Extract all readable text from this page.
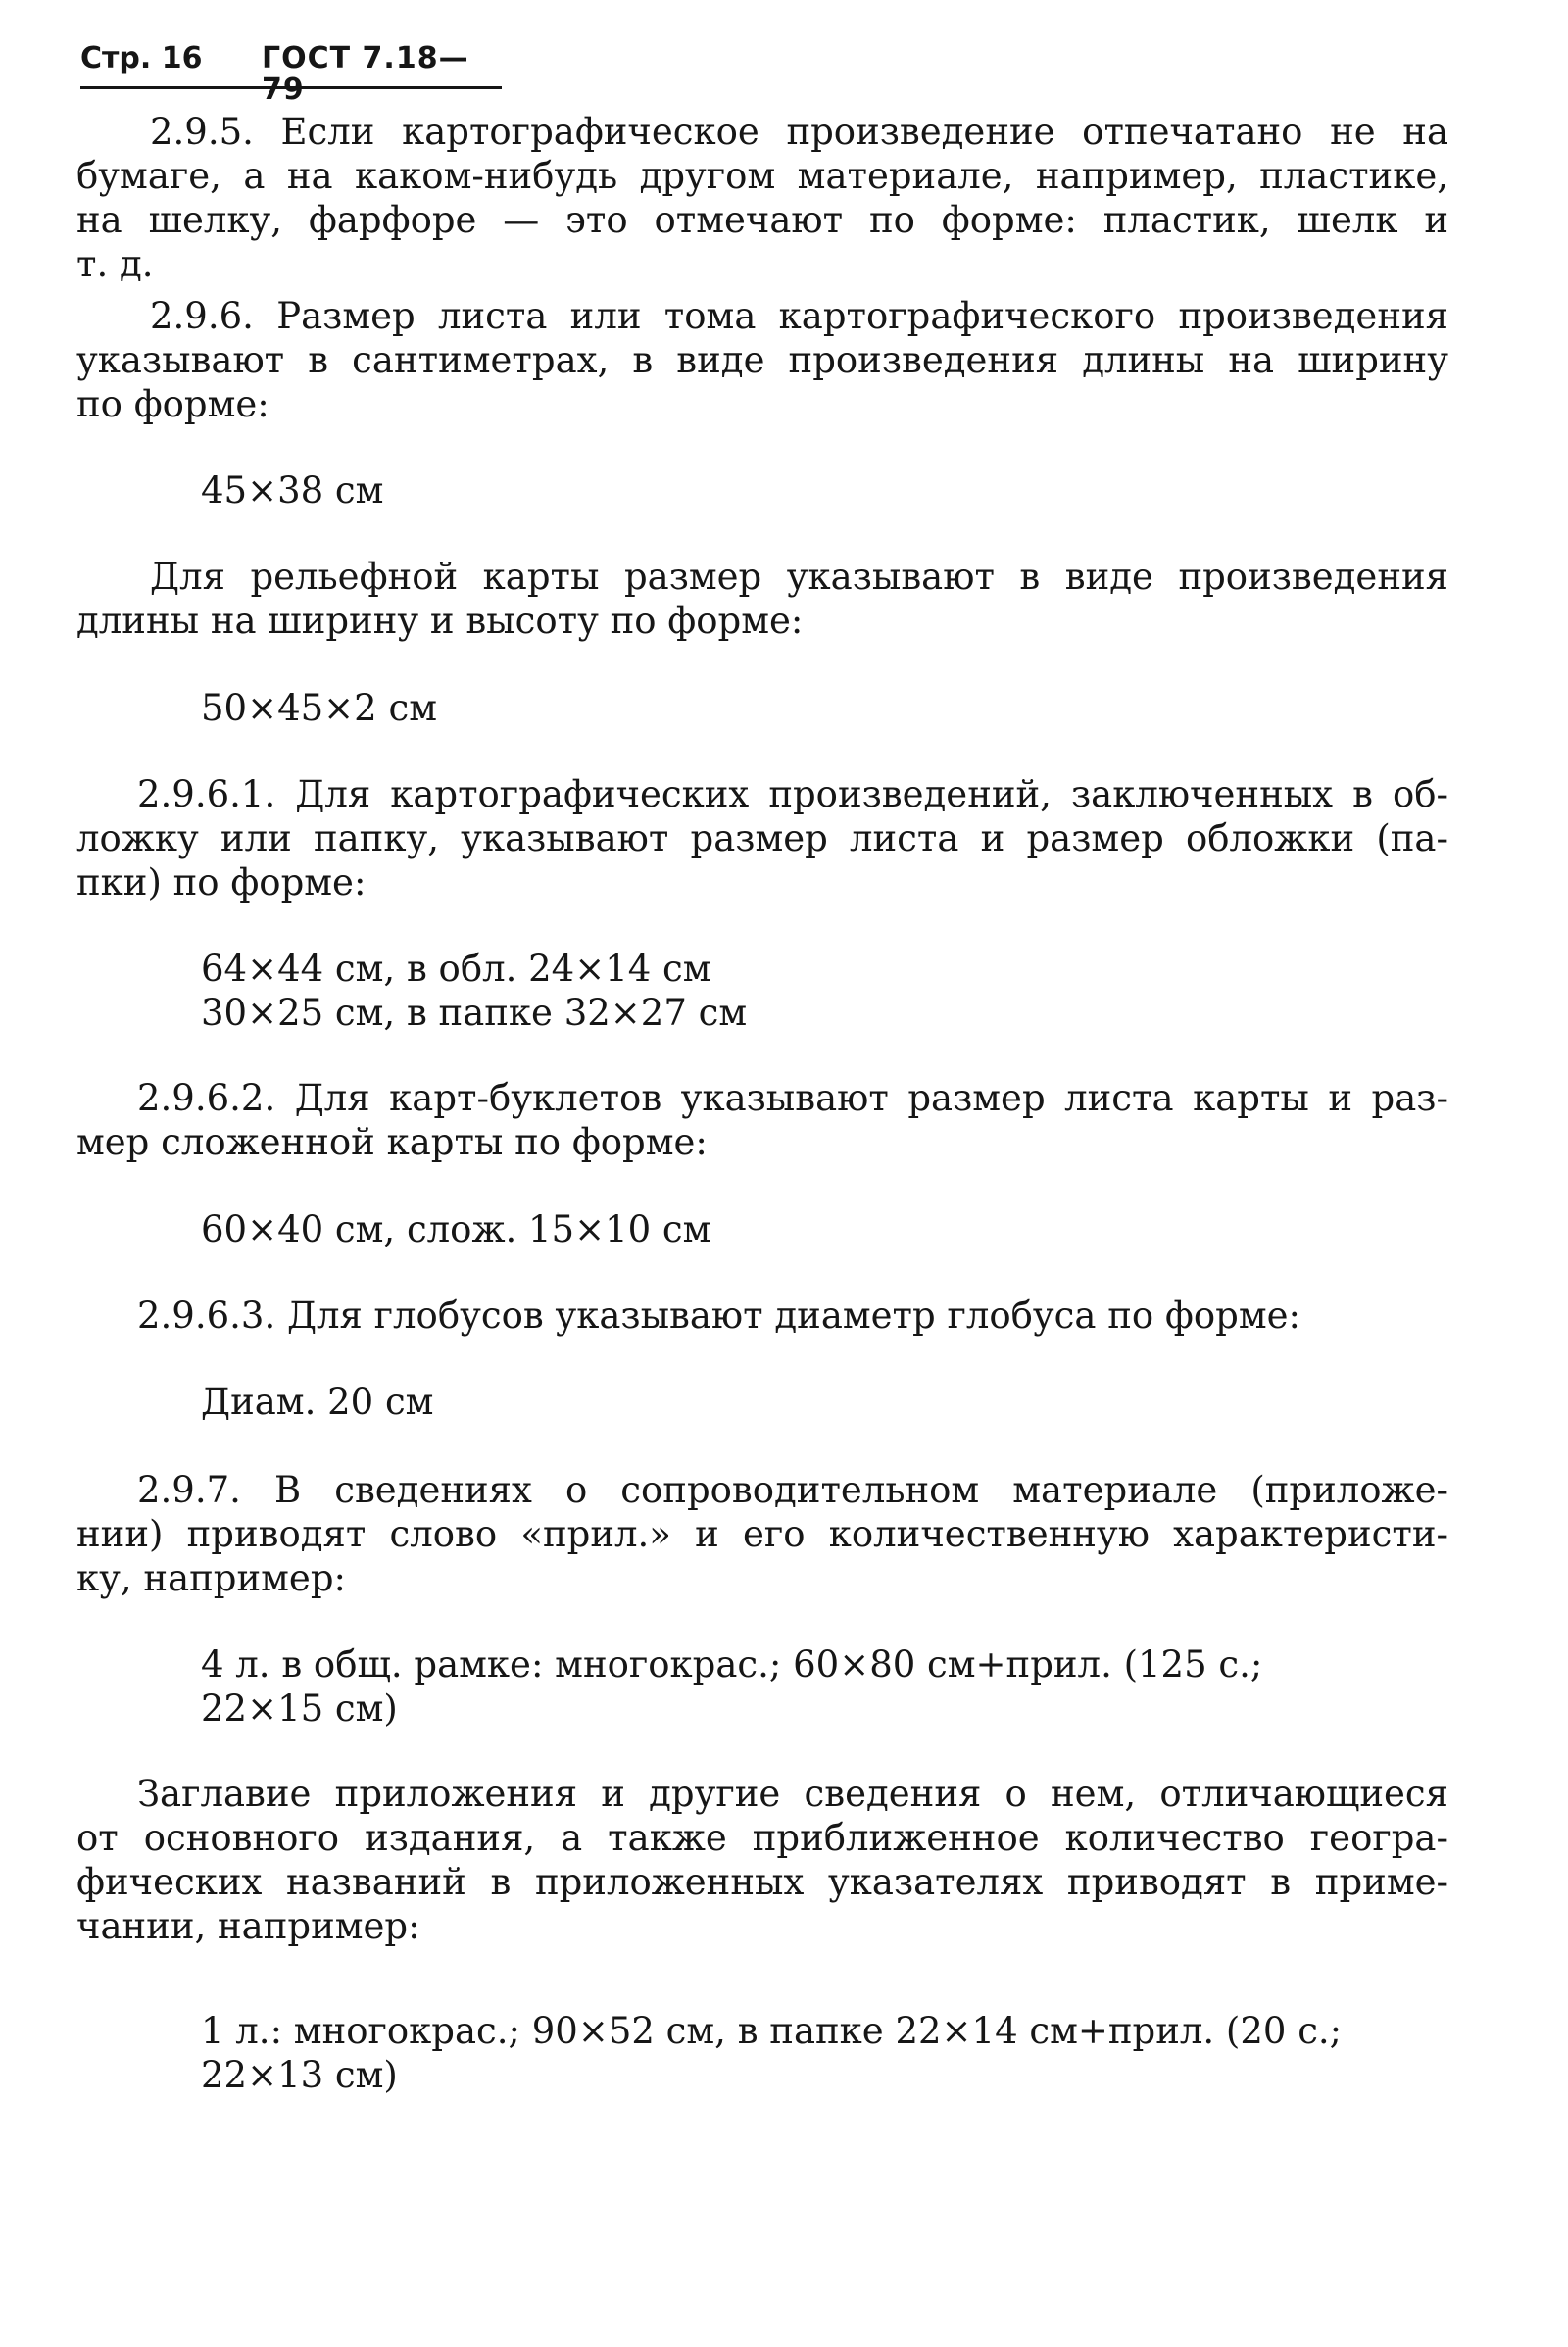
Стр. 16 ГОСТ 7.18—79
2.9.5. Если картографическое произведение отпечатано не на
бумаге, а на каком-нибудь другом материале, например, пластике,
на шелку, фарфоре — это отмечают по форме: пластик, шелк и
т. д.
2.9.6. Размер листа или тома картографического произведения
указывают в сантиметрах, в виде произведения длины на ширину
по форме:
45×38 см
Для рельефной карты размер указывают в виде произведения
длины на ширину и высоту по форме:
50×45×2 см
2.9.6.1. Для картографических произведений, заключенных в об-
ложку или папку, указывают размер листа и размер обложки (па-
пки) по форме:
64×44 см, в обл. 24×14 см
30×25 см, в папке 32×27 см
2.9.6.2. Для карт-буклетов указывают размер листа карты и раз-
мер сложенной карты по форме:
60×40 см, слож. 15×10 см
2.9.6.3. Для глобусов указывают диаметр глобуса по форме:
Диам. 20 см
2.9.7. В сведениях о сопроводительном материале (приложе-
нии) приводят слово «прил.» и его количественную характеристи-
ку, например:
4 л. в общ. рамке: многокрас.; 60×80 см+прил. (125 с.;
22×15 см)
Заглавие приложения и другие сведения о нем, отличающиеся
от основного издания, а также приближенное количество геогра-
фических названий в приложенных указателях приводят в приме-
чании, например:
1 л.: многокрас.; 90×52 см, в папке 22×14 см+прил. (20 с.;
22×13 см)
